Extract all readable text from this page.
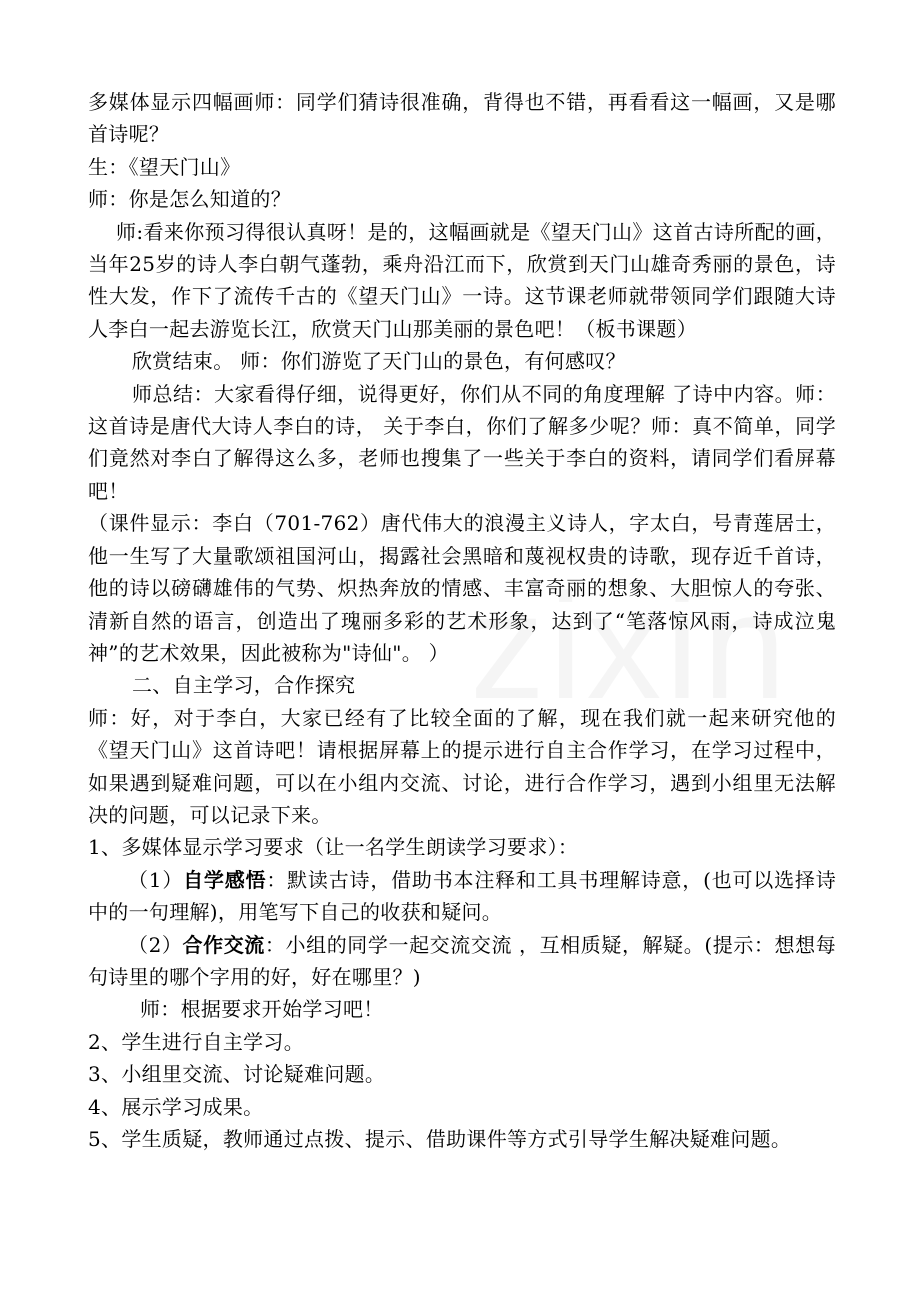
多媒体显示四幅画师：同学们猜诗很准确，背得也不错，再看看这一幅画，又是哪首诗呢？

生：《望天门山》

师：你是怎么知道的？

师:看来你预习得很认真呀！是的，这幅画就是《望天门山》这首古诗所配的画，当年25岁的诗人李白朝气蓬勃，乘舟沿江而下，欣赏到天门山雄奇秀丽的景色，诗性大发，作下了流传千古的《望天门山》一诗。这节课老师就带领同学们跟随大诗人李白一起去游览长江，欣赏天门山那美丽的景色吧！（板书课题）

欣赏结束。 师：你们游览了天门山的景色，有何感叹？

师总结：大家看得仔细，说得更好，你们从不同的角度理解 了诗中内容。师：这首诗是唐代大诗人李白的诗， 关于李白，你们了解多少呢？师：真不简单，同学们竟然对李白了解得这么多，老师也搜集了一些关于李白的资料，请同学们看屏幕吧！

（课件显示：李白（701-762）唐代伟大的浪漫主义诗人，字太白，号青莲居士，他一生写了大量歌颂祖国河山，揭露社会黑暗和蔑视权贵的诗歌，现存近千首诗，他的诗以磅礴雄伟的气势、炽热奔放的情感、丰富奇丽的想象、大胆惊人的夸张、清新自然的语言，创造出了瑰丽多彩的艺术形象，达到了“笔落惊风雨，诗成泣鬼神”的艺术效果，因此被称为"诗仙"。 ）

二、自主学习，合作探究

师：好，对于李白，大家已经有了比较全面的了解，现在我们就一起来研究他的《望天门山》这首诗吧！请根据屏幕上的提示进行自主合作学习，在学习过程中，如果遇到疑难问题，可以在小组内交流、讨论，进行合作学习，遇到小组里无法解决的问题，可以记录下来。

1、多媒体显示学习要求（让一名学生朗读学习要求）：

（1）自学感悟：默读古诗，借助书本注释和工具书理解诗意，(也可以选择诗中的一句理解)，用笔写下自己的收获和疑问。

（2）合作交流：小组的同学一起交流交流 ，互相质疑，解疑。(提示：想想每句诗里的哪个字用的好，好在哪里？)

师：根据要求开始学习吧！

2、学生进行自主学习。

3、小组里交流、讨论疑难问题。

4、展示学习成果。

5、学生质疑，教师通过点拨、提示、借助课件等方式引导学生解决疑难问题。
